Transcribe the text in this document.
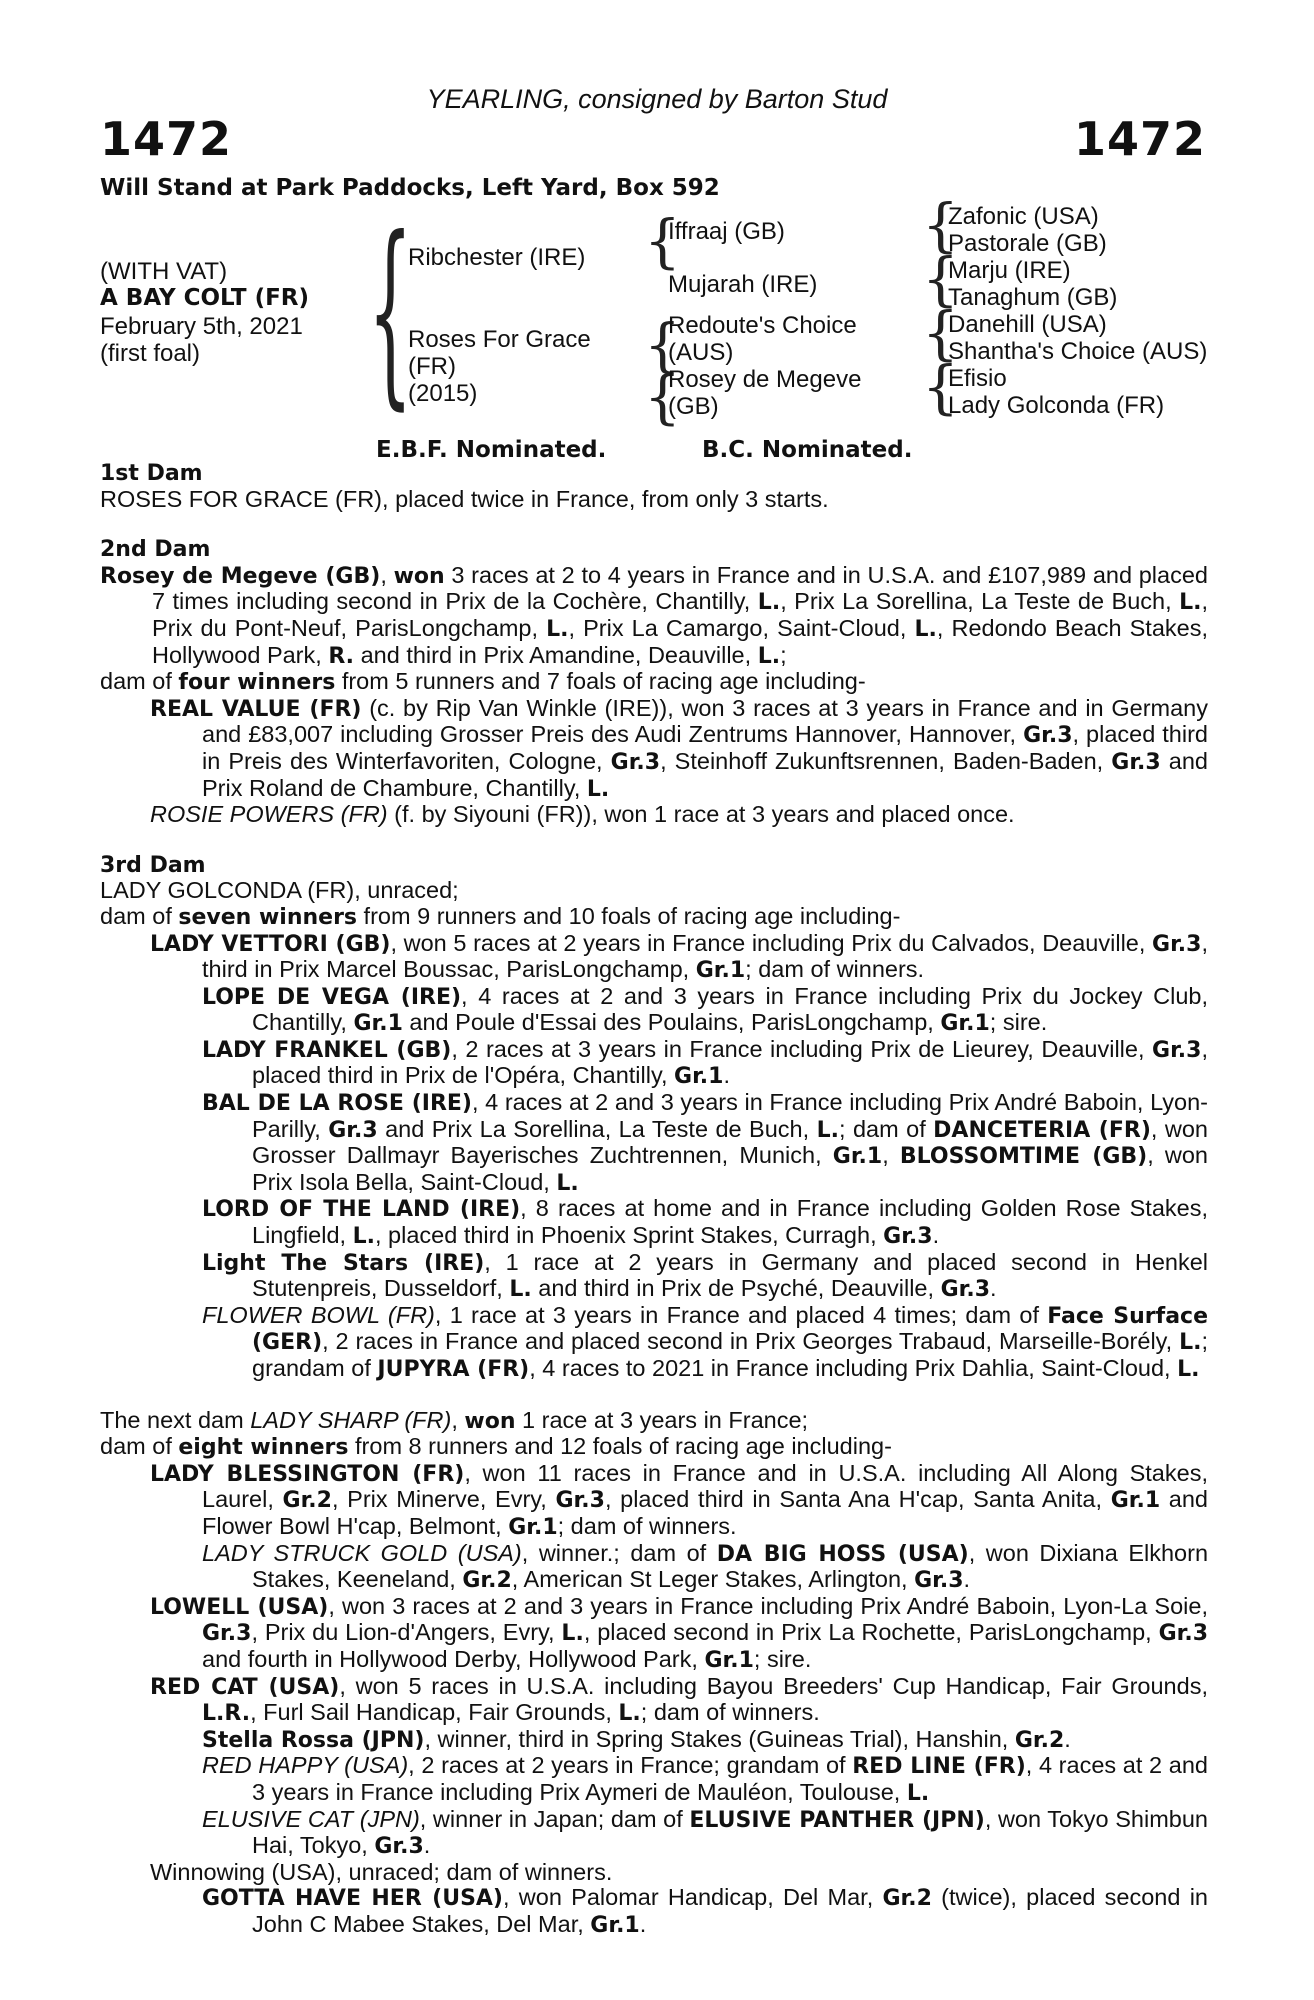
YEARLING, consigned by Barton Stud
1472	1472
Will Stand at Park Paddocks, Left Yard, Box 592
(WITH VAT)
A BAY COLT (FR)
February 5th, 2021
(first foal) {
Ribchester (IRE)
Roses For Grace
(FR)
(2015)
{
Iffraaj (GB)
Mujarah (IRE)
{
Redoute's Choice
(AUS)
{
Rosey de Megeve
(GB)
{
Zafonic (USA)
Pastorale (GB)
{
Marju (IRE)
Tanaghum (GB)
{
Danehill (USA)
Shantha's Choice (AUS)
{
Efisio
Lady Golconda (FR)
E.B.F. Nominated.	B.C. Nominated.

1st Dam

ROSES FOR GRACE (FR), placed twice in France, from only 3 starts.

2nd Dam

Rosey de Megeve (GB), won 3 races at 2 to 4 years in France and in U.S.A. and £107,989 and placed 7 times including second in Prix de la Cochère, Chantilly, L., Prix La Sorellina, La Teste de Buch, L., Prix du Pont-Neuf, ParisLongchamp, L., Prix La Camargo, Saint-Cloud, L., Redondo Beach Stakes, Hollywood Park, R. and third in Prix Amandine, Deauville, L.;

dam of four winners from 5 runners and 7 foals of racing age including-

REAL VALUE (FR) (c. by Rip Van Winkle (IRE)), won 3 races at 3 years in France and in Germany and £83,007 including Grosser Preis des Audi Zentrums Hannover, Hannover, Gr.3, placed third in Preis des Winterfavoriten, Cologne, Gr.3, Steinhoff Zukunftsrennen, Baden-Baden, Gr.3 and Prix Roland de Chambure, Chantilly, L.

ROSIE POWERS (FR) (f. by Siyouni (FR)), won 1 race at 3 years and placed once.

3rd Dam

LADY GOLCONDA (FR), unraced;

dam of seven winners from 9 runners and 10 foals of racing age including-

LADY VETTORI (GB), won 5 races at 2 years in France including Prix du Calvados, Deauville, Gr.3, third in Prix Marcel Boussac, ParisLongchamp, Gr.1; dam of winners.

LOPE DE VEGA (IRE), 4 races at 2 and 3 years in France including Prix du Jockey Club, Chantilly, Gr.1 and Poule d'Essai des Poulains, ParisLongchamp, Gr.1; sire.

LADY FRANKEL (GB), 2 races at 3 years in France including Prix de Lieurey, Deauville, Gr.3, placed third in Prix de l'Opéra, Chantilly, Gr.1.

BAL DE LA ROSE (IRE), 4 races at 2 and 3 years in France including Prix André Baboin, Lyon-Parilly, Gr.3 and Prix La Sorellina, La Teste de Buch, L.; dam of DANCETERIA (FR), won Grosser Dallmayr Bayerisches Zuchtrennen, Munich, Gr.1, BLOSSOMTIME (GB), won Prix Isola Bella, Saint-Cloud, L.

LORD OF THE LAND (IRE), 8 races at home and in France including Golden Rose Stakes, Lingfield, L., placed third in Phoenix Sprint Stakes, Curragh, Gr.3.

Light The Stars (IRE), 1 race at 2 years in Germany and placed second in Henkel Stutenpreis, Dusseldorf, L. and third in Prix de Psyché, Deauville, Gr.3.

FLOWER BOWL (FR), 1 race at 3 years in France and placed 4 times; dam of Face Surface (GER), 2 races in France and placed second in Prix Georges Trabaud, Marseille-Borély, L.; grandam of JUPYRA (FR), 4 races to 2021 in France including Prix Dahlia, Saint-Cloud, L.

The next dam LADY SHARP (FR), won 1 race at 3 years in France;

dam of eight winners from 8 runners and 12 foals of racing age including-

LADY BLESSINGTON (FR), won 11 races in France and in U.S.A. including All Along Stakes, Laurel, Gr.2, Prix Minerve, Evry, Gr.3, placed third in Santa Ana H'cap, Santa Anita, Gr.1 and Flower Bowl H'cap, Belmont, Gr.1; dam of winners.

LADY STRUCK GOLD (USA), winner.; dam of DA BIG HOSS (USA), won Dixiana Elkhorn Stakes, Keeneland, Gr.2, American St Leger Stakes, Arlington, Gr.3.

LOWELL (USA), won 3 races at 2 and 3 years in France including Prix André Baboin, Lyon-La Soie, Gr.3, Prix du Lion-d'Angers, Evry, L., placed second in Prix La Rochette, ParisLongchamp, Gr.3 and fourth in Hollywood Derby, Hollywood Park, Gr.1; sire.

RED CAT (USA), won 5 races in U.S.A. including Bayou Breeders' Cup Handicap, Fair Grounds, L.R., Furl Sail Handicap, Fair Grounds, L.; dam of winners.

Stella Rossa (JPN), winner, third in Spring Stakes (Guineas Trial), Hanshin, Gr.2.

RED HAPPY (USA), 2 races at 2 years in France; grandam of RED LINE (FR), 4 races at 2 and 3 years in France including Prix Aymeri de Mauléon, Toulouse, L.

ELUSIVE CAT (JPN), winner in Japan; dam of ELUSIVE PANTHER (JPN), won Tokyo Shimbun Hai, Tokyo, Gr.3.

Winnowing (USA), unraced; dam of winners.

GOTTA HAVE HER (USA), won Palomar Handicap, Del Mar, Gr.2 (twice), placed second in John C Mabee Stakes, Del Mar, Gr.1.
